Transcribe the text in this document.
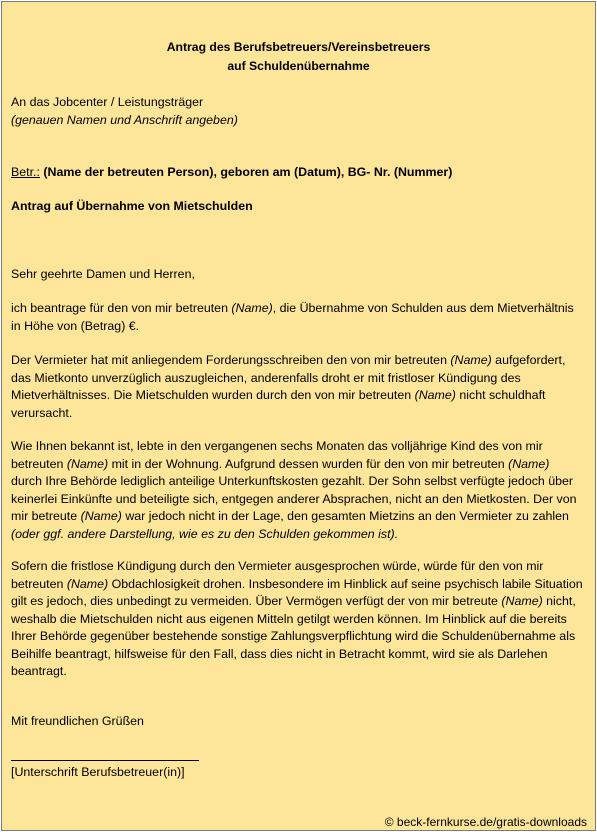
Antrag des Berufsbetreuers/Vereinsbetreuers
auf Schuldenübernahme
An das Jobcenter / Leistungsträger
(genauen Namen und Anschrift angeben)
Betr.: (Name der betreuten Person), geboren am (Datum), BG- Nr. (Nummer)
Antrag auf Übernahme von Mietschulden
Sehr geehrte Damen und Herren,
ich beantrage für den von mir betreuten (Name), die Übernahme von Schulden aus dem Mietverhältnis in Höhe von (Betrag) €.
Der Vermieter hat mit anliegendem Forderungsschreiben den von mir betreuten (Name) aufgefordert, das Mietkonto unverzüglich auszugleichen, anderenfalls droht er mit fristloser Kündigung des Mietverhältnisses. Die Mietschulden wurden durch den von mir betreuten (Name) nicht schuldhaft verursacht.
Wie Ihnen bekannt ist, lebte in den vergangenen sechs Monaten das volljährige Kind des von mir betreuten (Name) mit in der Wohnung. Aufgrund dessen wurden für den von mir betreuten (Name) durch Ihre Behörde lediglich anteilige Unterkunftskosten gezahlt. Der Sohn selbst verfügte jedoch über keinerlei Einkünfte und beteiligte sich, entgegen anderer Absprachen, nicht an den Mietkosten. Der von mir betreute (Name) war jedoch nicht in der Lage, den gesamten Mietzins an den Vermieter zu zahlen (oder ggf. andere Darstellung, wie es zu den Schulden gekommen ist).
Sofern die fristlose Kündigung durch den Vermieter ausgesprochen würde, würde für den von mir betreuten (Name) Obdachlosigkeit drohen. Insbesondere im Hinblick auf seine psychisch labile Situation gilt es jedoch, dies unbedingt zu vermeiden. Über Vermögen verfügt der von mir betreute (Name) nicht, weshalb die Mietschulden nicht aus eigenen Mitteln getilgt werden können. Im Hinblick auf die bereits Ihrer Behörde gegenüber bestehende sonstige Zahlungsverpflichtung wird die Schuldenübernahme als Beihilfe beantragt, hilfsweise für den Fall, dass dies nicht in Betracht kommt, wird sie als Darlehen beantragt.
Mit freundlichen Grüßen
[Unterschrift Berufsbetreuer(in)]
© beck-fernkurse.de/gratis-downloads
